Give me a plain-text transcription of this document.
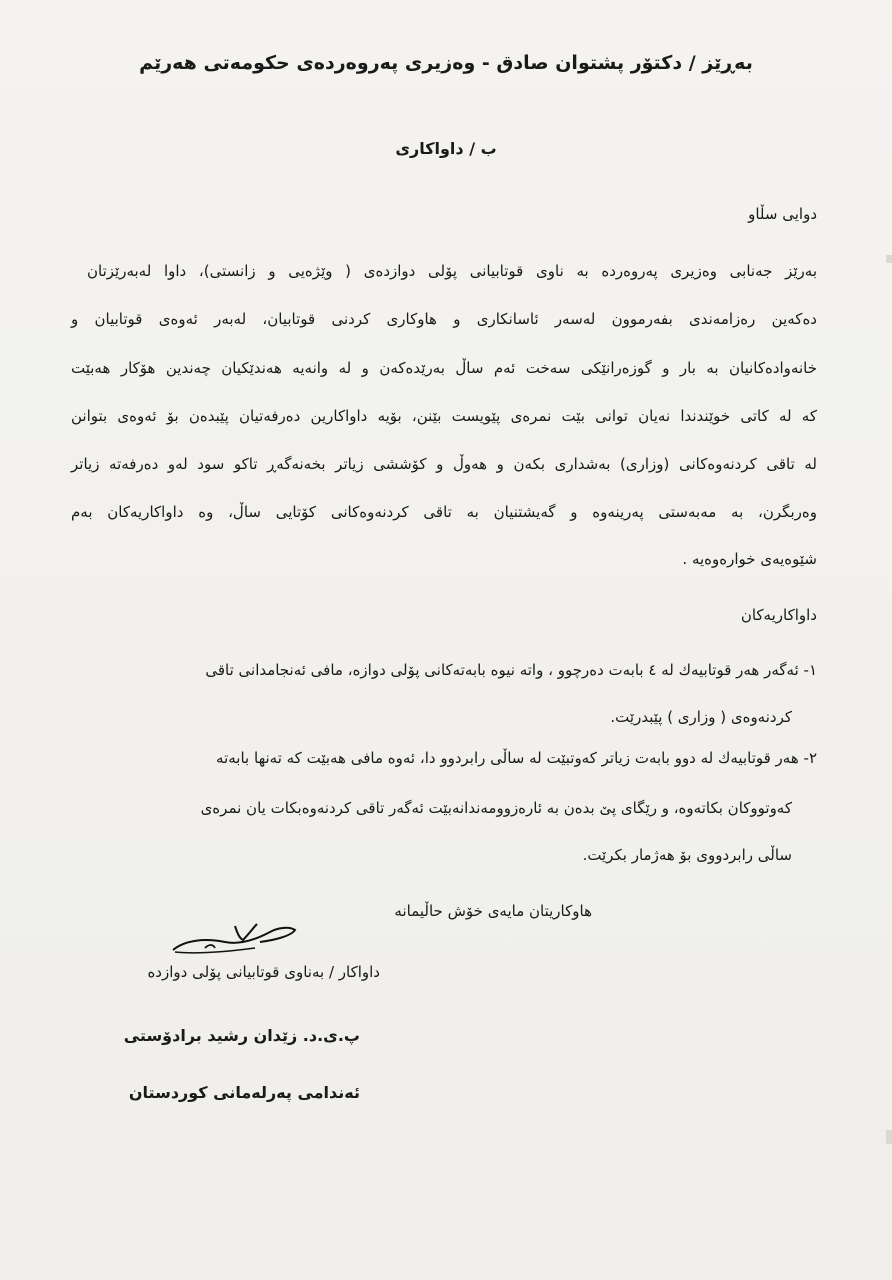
بەڕێز / دکتۆر پشتوان صادق - وەزیری پەروەردەی حکومەتی هەرێم
ب / داواکاری
دوایی سڵاو
بەرێز جەنابی وەزیری پەروەردە بە ناوی قوتابیانی پۆلی دوازدەی ( وێژەیی و زانستی)، داوا لەبەرێزتان
دەکەین رەزامەندی بفەرموون لەسەر ئاسانکاری و هاوکاری کردنی قوتابیان، لەبەر ئەوەی قوتابیان و
خانەوادەکانیان بە بار و گوزەرانێکی سەخت ئەم ساڵ بەرێدەکەن و لە وانەیە هەندێکیان چەندین هۆکار هەبێت
کە لە کاتی خوێندندا نەیان توانی بێت نمرەی پێویست بێنن، بۆیە داواکارین دەرفەتیان پێبدەن بۆ ئەوەی بتوانن
لە تاقی کردنەوەکانی (وزاری) بەشداری بکەن و هەوڵ و کۆششی زیاتر بخەنەگەڕ تاکو سود لەو دەرفەتە زیاتر
وەربگرن، بە مەبەستی پەرینەوە و گەیشتنیان بە تاقی کردنەوەکانی کۆتایی ساڵ، وە داواکاریەکان بەم
شێوەیەی خوارەوەیە .
داواکاریەکان
١- ئەگەر هەر قوتابیەك لە ٤ بابەت دەرچوو ، واتە نیوە بابەتەکانی پۆلی دوازە، مافی ئەنجامدانی تاقی
کردنەوەی ( وزاری ) پێبدرێت.
٢- هەر قوتابیەك لە دوو بابەت زیاتر کەوتبێت لە ساڵی رابردوو دا، ئەوە مافی هەبێت کە تەنها بابەتە
کەوتووکان بکاتەوە، و رێگای پێ بدەن بە ئارەزوومەندانەبێت ئەگەر تاقی کردنەوەبکات یان نمرەی
ساڵی رابردووی بۆ هەژمار بکرێت.
هاوکاریتان مایەی خۆش حاڵیمانە
داواکار / بەناوی قوتابیانی پۆلی دوازدە
پ.ی.د. زێدان رشید برادۆستی
ئەندامی پەرلەمانی کوردستان
